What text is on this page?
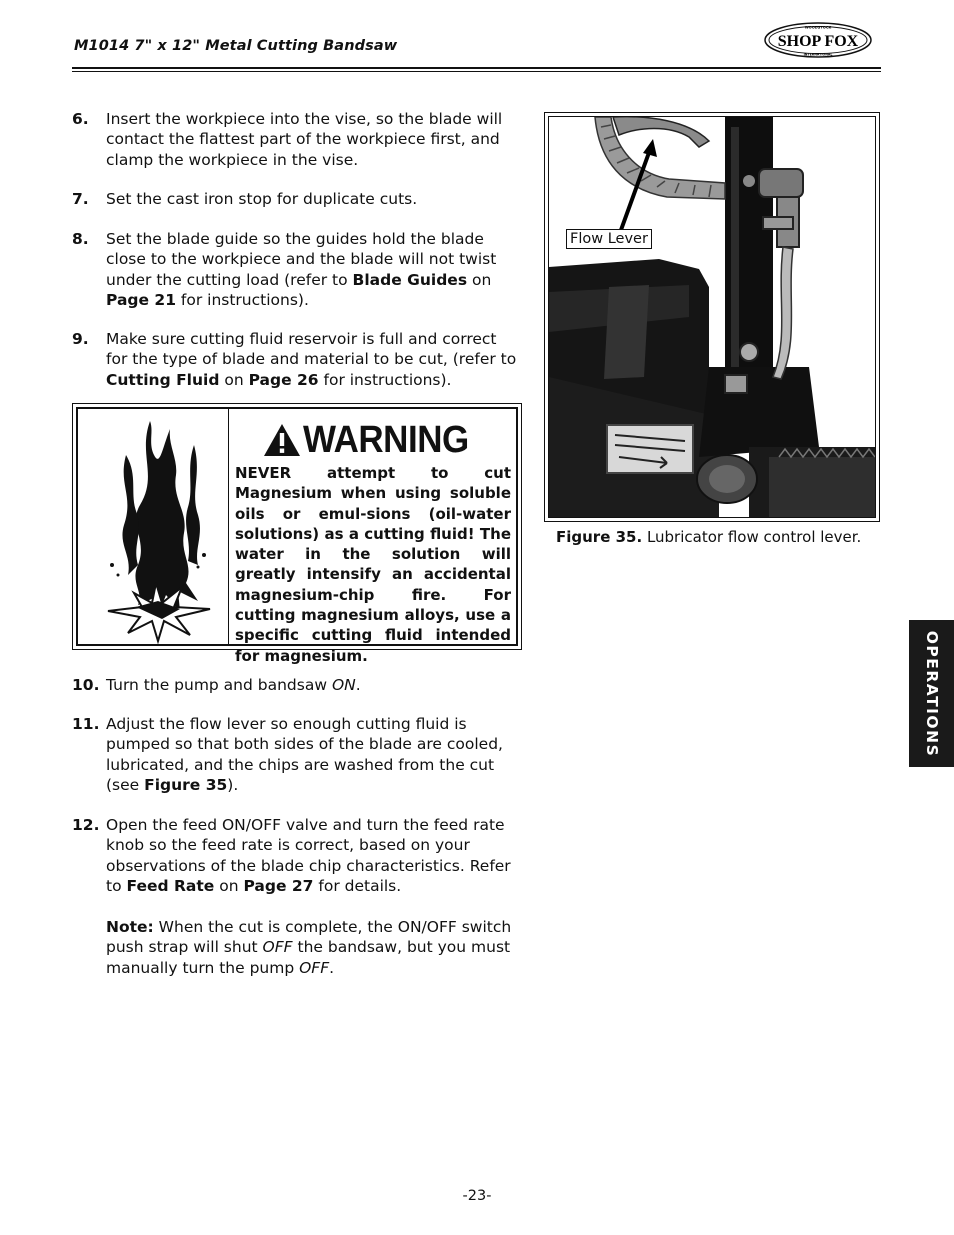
M1014 7" x 12" Metal Cutting Bandsaw
WOODSTOCK
SHOP FOX
INTERNATIONAL
6. Insert the workpiece into the vise, so the blade will contact the flattest part of the workpiece first, and clamp the workpiece in the vise.
7. Set the cast iron stop for duplicate cuts.
8. Set the blade guide so the guides hold the blade close to the workpiece and the blade will not twist under the cutting load (refer to Blade Guides on Page 21 for instructions).
9. Make sure cutting fluid reservoir is full and correct for the type of blade and material to be cut, (refer to Cutting Fluid on Page 26 for instructions).
WARNING
NEVER attempt to cut Magnesium when using soluble oils or emul-sions (oil-water solutions) as a cutting fluid! The water in the solution will greatly intensify an accidental magnesium-chip fire. For cutting magnesium alloys, use a specific cutting fluid intended for magnesium.
10. Turn the pump and bandsaw ON.
11. Adjust the flow lever so enough cutting fluid is pumped so that both sides of the blade are cooled, lubricated, and the chips are washed from the cut (see Figure 35).
12. Open the feed ON/OFF valve and turn the feed rate knob so the feed rate is correct, based on your observations of the blade chip characteristics. Refer to Feed Rate on Page 27 for details.
Note: When the cut is complete, the ON/OFF switch push strap will shut OFF the bandsaw, but you must manually turn the pump OFF.
Flow Lever
Figure 35. Lubricator flow control lever.
OPERATIONS
-23-
